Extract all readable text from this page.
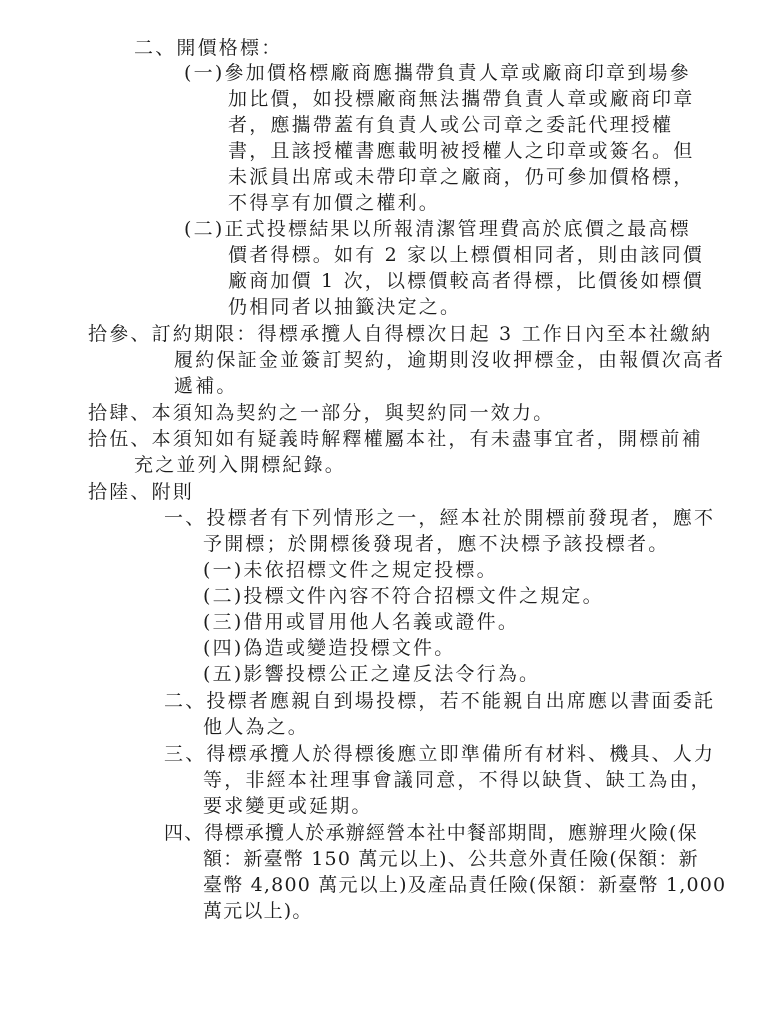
二、開價格標：
(一)參加價格標廠商應攜帶負責人章或廠商印章到場參
加比價，如投標廠商無法攜帶負責人章或廠商印章
者，應攜帶蓋有負責人或公司章之委託代理授權
書，且該授權書應載明被授權人之印章或簽名。但
未派員出席或未帶印章之廠商，仍可參加價格標，
不得享有加價之權利。
(二)正式投標結果以所報清潔管理費高於底價之最高標
價者得標。如有 2 家以上標價相同者，則由該同價
廠商加價 1 次，以標價較高者得標，比價後如標價
仍相同者以抽籤決定之。
拾參、訂約期限：得標承攬人自得標次日起 3 工作日內至本社繳納
履約保証金並簽訂契約，逾期則沒收押標金，由報價次高者
遞補。
拾肆、本須知為契約之一部分，與契約同一效力。
拾伍、本須知如有疑義時解釋權屬本社，有未盡事宜者，開標前補
充之並列入開標紀錄。
拾陸、附則
一、投標者有下列情形之一，經本社於開標前發現者，應不
予開標；於開標後發現者，應不決標予該投標者。
(一)未依招標文件之規定投標。
(二)投標文件內容不符合招標文件之規定。
(三)借用或冒用他人名義或證件。
(四)偽造或變造投標文件。
(五)影響投標公正之違反法令行為。
二、投標者應親自到場投標，若不能親自出席應以書面委託
他人為之。
三、得標承攬人於得標後應立即準備所有材料、機具、人力
等，非經本社理事會議同意，不得以缺貨、缺工為由，
要求變更或延期。
四、得標承攬人於承辦經營本社中餐部期間，應辦理火險(保
額：新臺幣 150 萬元以上)、公共意外責任險(保額：新
臺幣 4,800 萬元以上)及產品責任險(保額：新臺幣 1,000
萬元以上)。
